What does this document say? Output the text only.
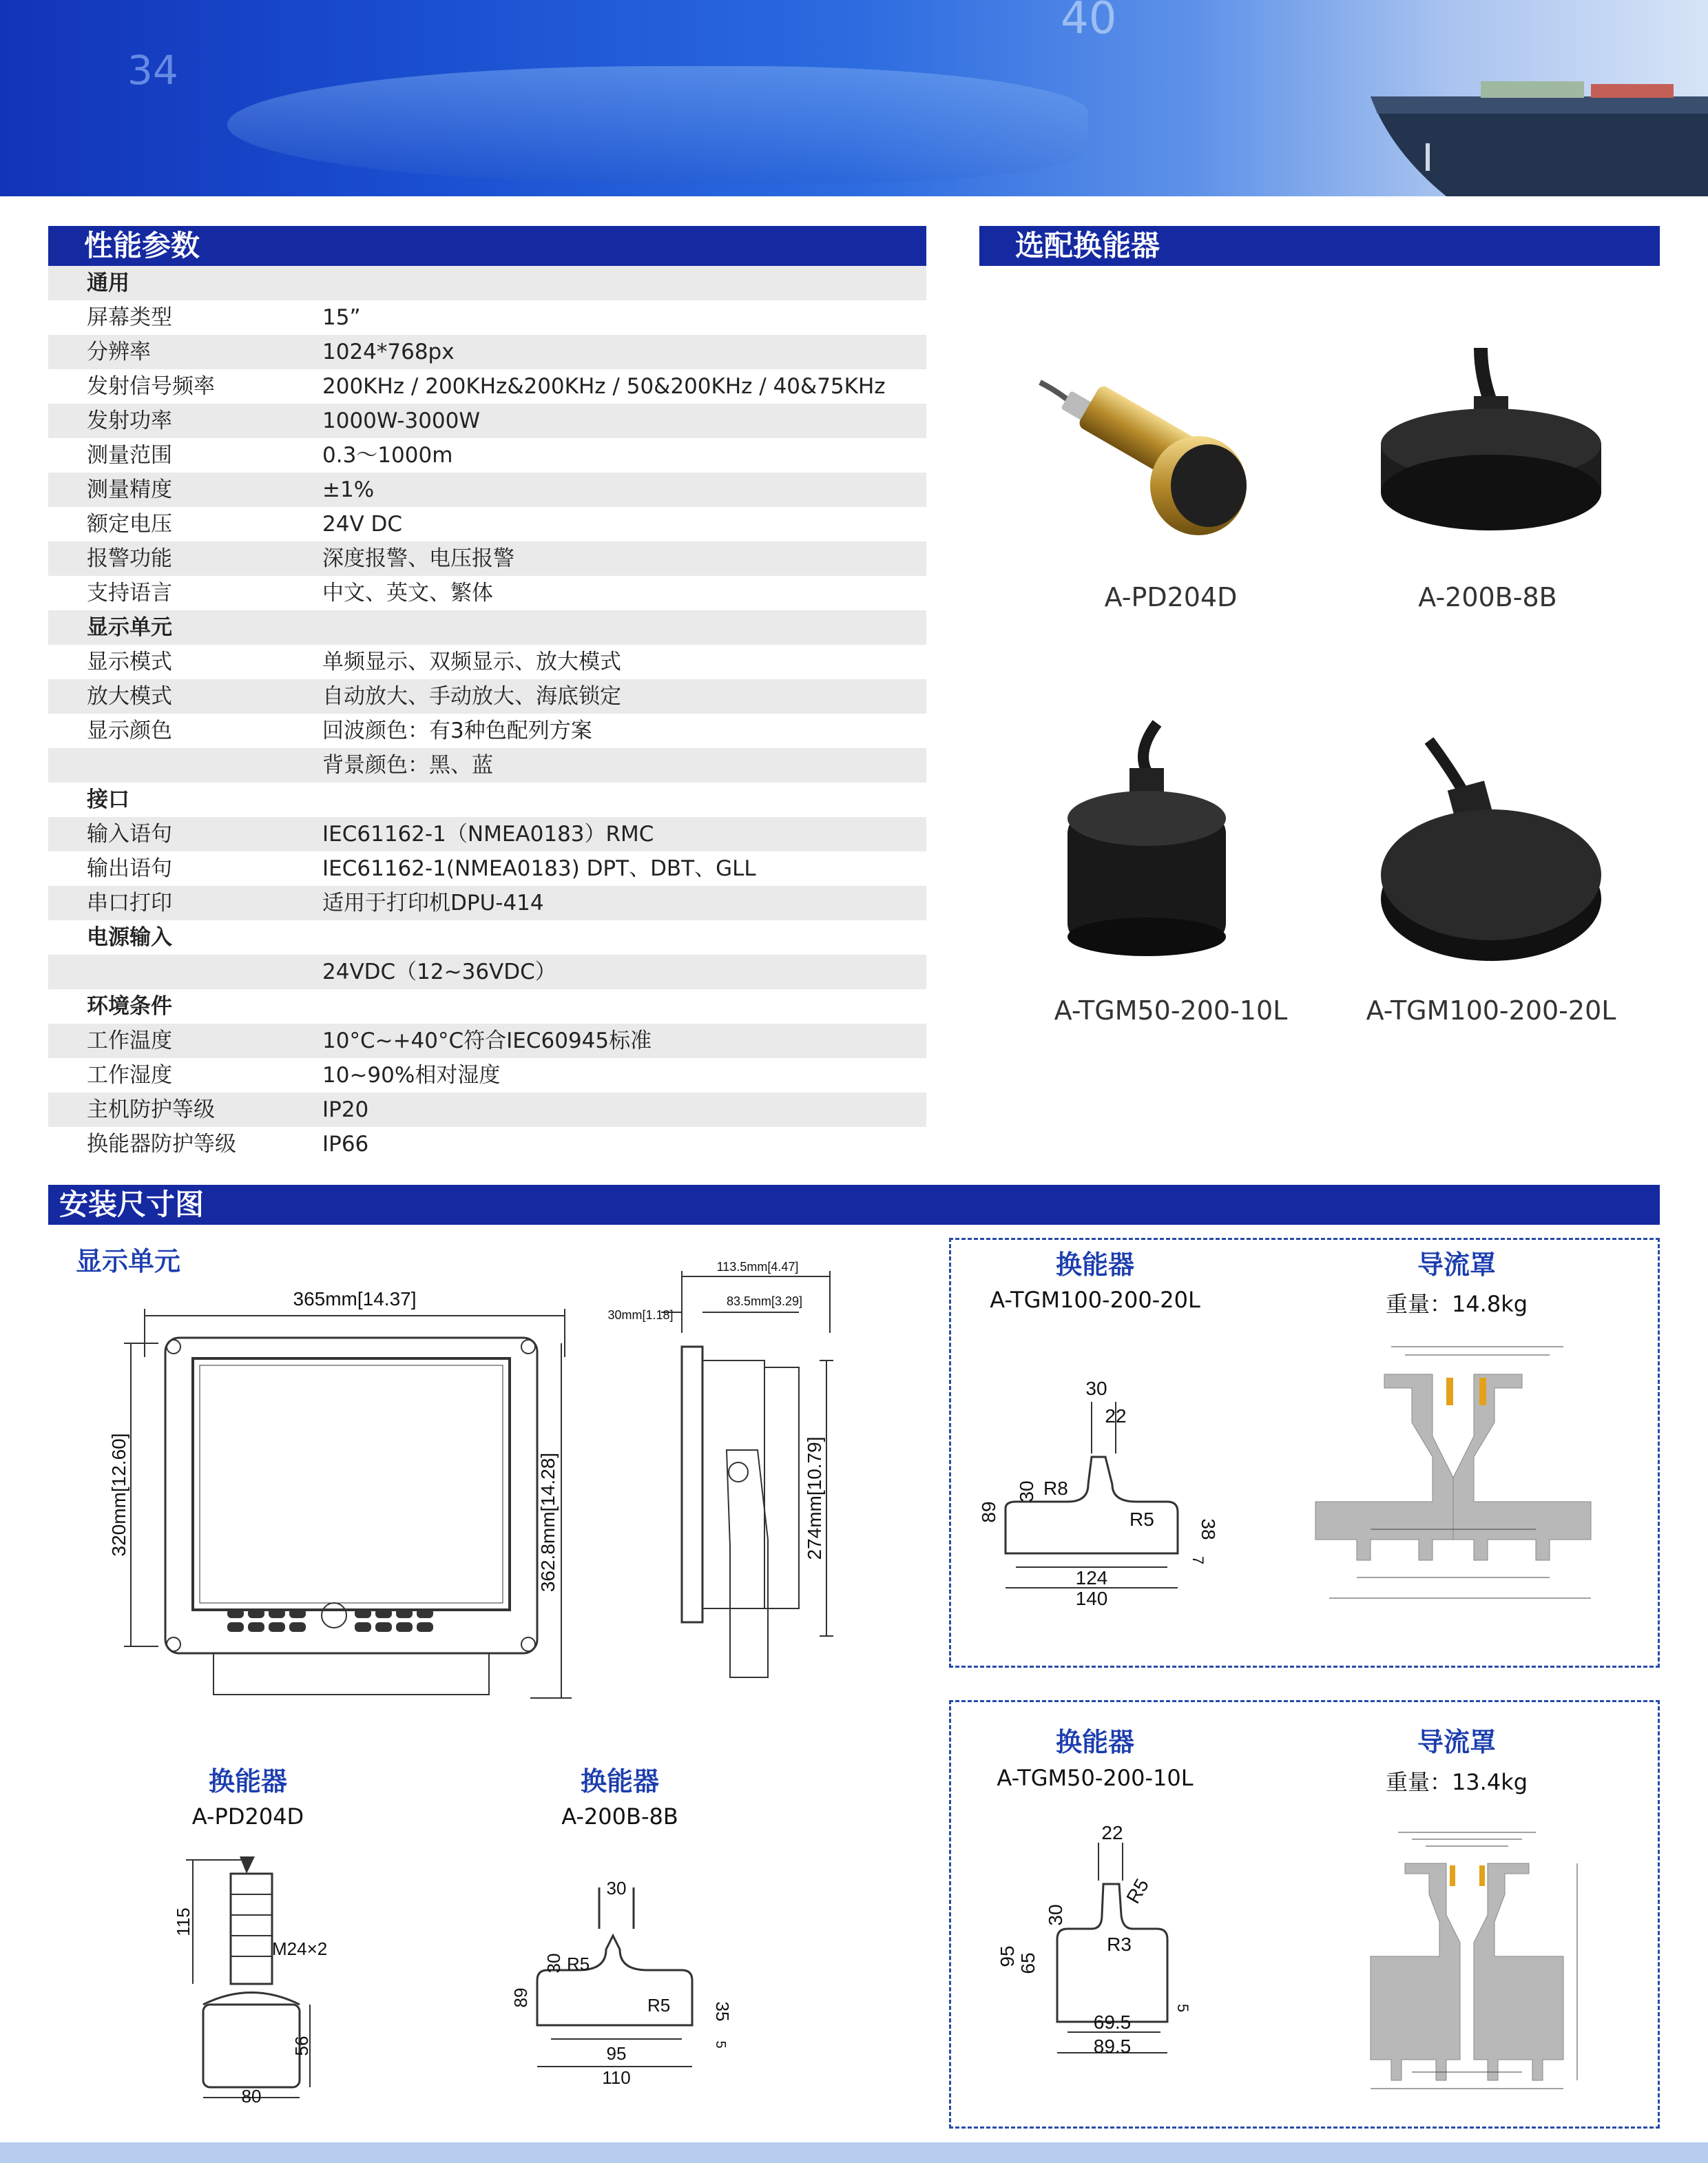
34
40
性能参数
通用
屏幕类型	15”
分辨率	1024*768px
发射信号频率	200KHz / 200KHz&200KHz / 50&200KHz / 40&75KHz
发射功率	1000W-3000W
测量范围	0.3～1000m
测量精度	±1%
额定电压	24V DC
报警功能	深度报警、电压报警
支持语言	中文、英文、繁体
显示单元
显示模式	单频显示、双频显示、放大模式
放大模式	自动放大、手动放大、海底锁定
显示颜色	回波颜色：有3种色配列方案
背景颜色：黑、蓝
接口
输入语句	IEC61162-1（NMEA0183）RMC
输出语句	IEC61162-1(NMEA0183) DPT、DBT、GLL
串口打印	适用于打印机DPU-414
电源输入
24VDC（12~36VDC）
环境条件
工作温度	10°C~+40°C符合IEC60945标准
工作湿度	10~90%相对湿度
主机防护等级	IP20
换能器防护等级	IP66
选配换能器
A-PD204D	A-200B-8B
A-TGM50-200-10L	A-TGM100-200-20L
安装尺寸图
显示单元
365mm[14.37]
320mm[12.60]	362.8mm[14.28]
113.5mm[4.47]
30mm[1.18]
83.5mm[3.29]
274mm[10.79]
换能器
A-PD204D
115
M24×2
56
80
换能器
A-200B-8B
30
30 R5
R5
89
35
5
95
110
换能器
A-TGM100-200-20L
导流罩
重量：14.8kg
30
22
30 R8
R5
89
38
7
124
140
换能器
A-TGM50-200-10L
导流罩
重量：13.4kg
22
R5
30
R3
95 65
5
69.5
89.5
